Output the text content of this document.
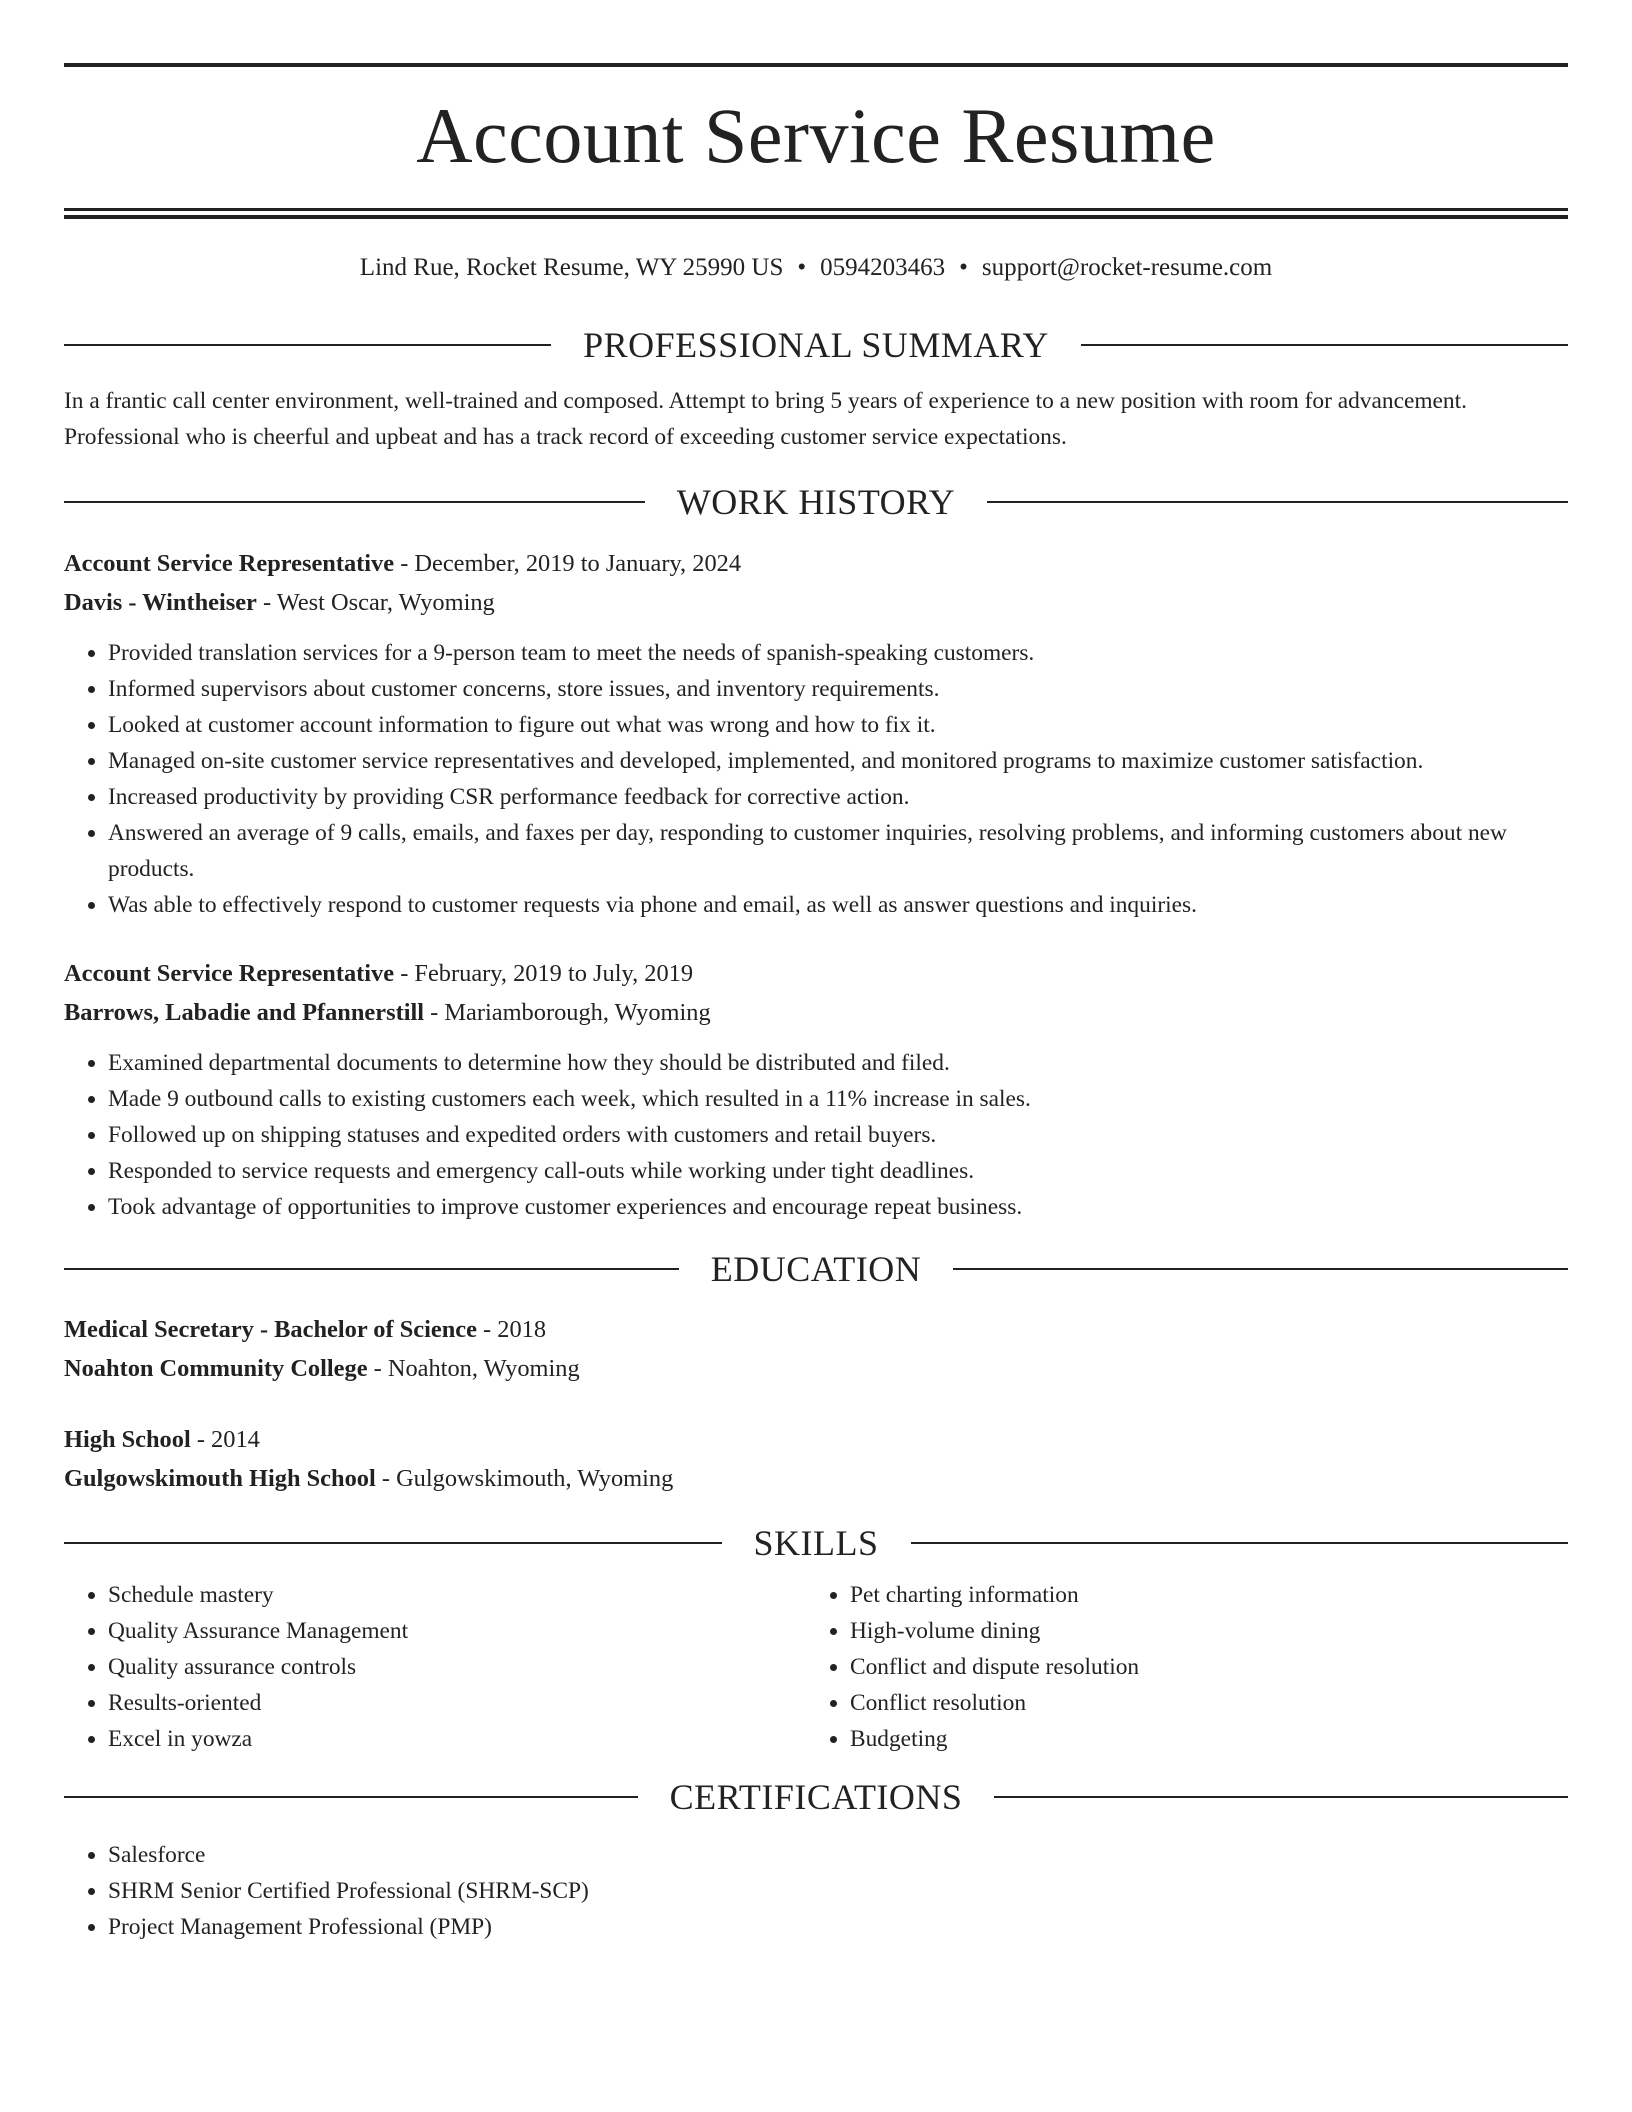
Account Service Resume
Lind Rue, Rocket Resume, WY 25990 US • 0594203463 • support@rocket-resume.com
PROFESSIONAL SUMMARY
In a frantic call center environment, well-trained and composed. Attempt to bring 5 years of experience to a new position with room for advancement. Professional who is cheerful and upbeat and has a track record of exceeding customer service expectations.
WORK HISTORY
Account Service Representative - December, 2019 to January, 2024
Davis - Wintheiser - West Oscar, Wyoming
• Provided translation services for a 9-person team to meet the needs of spanish-speaking customers.
• Informed supervisors about customer concerns, store issues, and inventory requirements.
• Looked at customer account information to figure out what was wrong and how to fix it.
• Managed on-site customer service representatives and developed, implemented, and monitored programs to maximize customer satisfaction.
• Increased productivity by providing CSR performance feedback for corrective action.
• Answered an average of 9 calls, emails, and faxes per day, responding to customer inquiries, resolving problems, and informing customers about new products.
• Was able to effectively respond to customer requests via phone and email, as well as answer questions and inquiries.
Account Service Representative - February, 2019 to July, 2019
Barrows, Labadie and Pfannerstill - Mariamborough, Wyoming
• Examined departmental documents to determine how they should be distributed and filed.
• Made 9 outbound calls to existing customers each week, which resulted in a 11% increase in sales.
• Followed up on shipping statuses and expedited orders with customers and retail buyers.
• Responded to service requests and emergency call-outs while working under tight deadlines.
• Took advantage of opportunities to improve customer experiences and encourage repeat business.
EDUCATION
Medical Secretary - Bachelor of Science - 2018
Noahton Community College - Noahton, Wyoming
High School - 2014
Gulgowskimouth High School - Gulgowskimouth, Wyoming
SKILLS
• Schedule mastery
• Quality Assurance Management
• Quality assurance controls
• Results-oriented
• Excel in yowza
• Pet charting information
• High-volume dining
• Conflict and dispute resolution
• Conflict resolution
• Budgeting
CERTIFICATIONS
• Salesforce
• SHRM Senior Certified Professional (SHRM-SCP)
• Project Management Professional (PMP)
